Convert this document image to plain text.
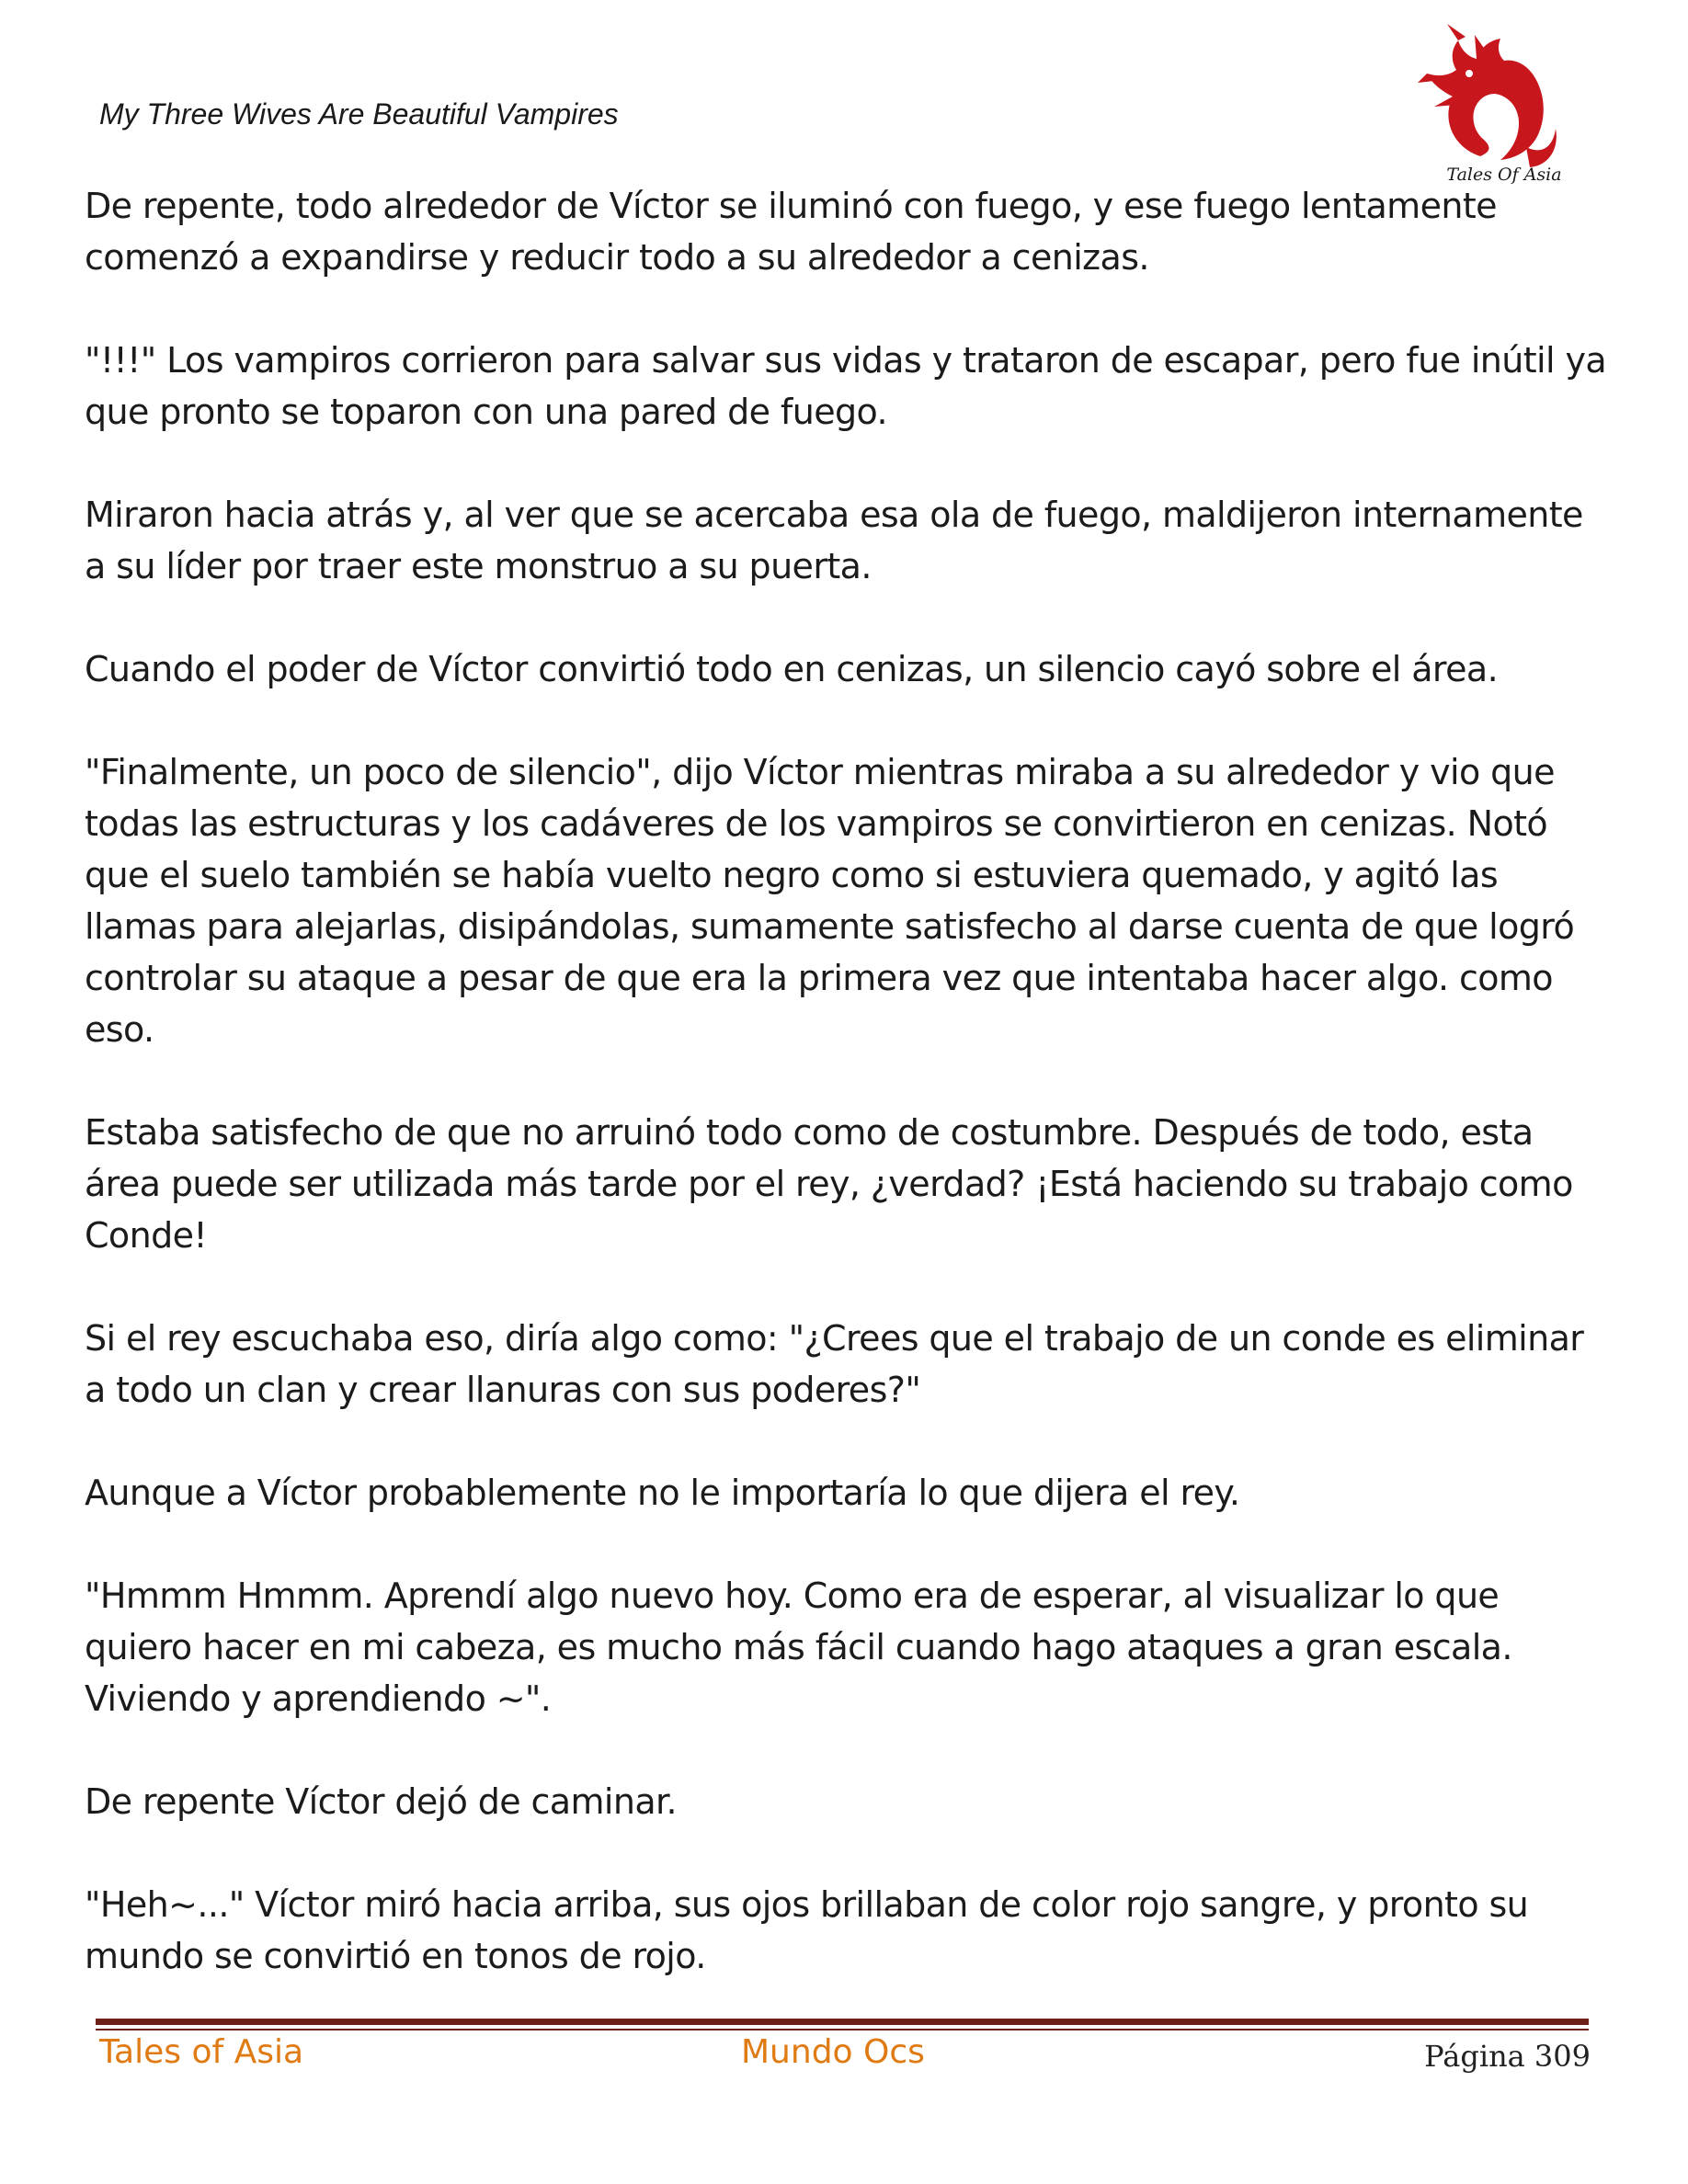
My Three Wives Are Beautiful Vampires
Tales Of Asia

De repente, todo alrededor de Víctor se iluminó con fuego, y ese fuego lentamente comenzó a expandirse y reducir todo a su alrededor a cenizas.

"!!!" Los vampiros corrieron para salvar sus vidas y trataron de escapar, pero fue inútil ya que pronto se toparon con una pared de fuego.

Miraron hacia atrás y, al ver que se acercaba esa ola de fuego, maldijeron internamente a su líder por traer este monstruo a su puerta.

Cuando el poder de Víctor convirtió todo en cenizas, un silencio cayó sobre el área.

"Finalmente, un poco de silencio", dijo Víctor mientras miraba a su alrededor y vio que todas las estructuras y los cadáveres de los vampiros se convirtieron en cenizas. Notó que el suelo también se había vuelto negro como si estuviera quemado, y agitó las llamas para alejarlas, disipándolas, sumamente satisfecho al darse cuenta de que logró controlar su ataque a pesar de que era la primera vez que intentaba hacer algo. como eso.

Estaba satisfecho de que no arruinó todo como de costumbre. Después de todo, esta área puede ser utilizada más tarde por el rey, ¿verdad? ¡Está haciendo su trabajo como Conde!

Si el rey escuchaba eso, diría algo como: "¿Crees que el trabajo de un conde es eliminar a todo un clan y crear llanuras con sus poderes?"

Aunque a Víctor probablemente no le importaría lo que dijera el rey.

"Hmmm Hmmm. Aprendí algo nuevo hoy. Como era de esperar, al visualizar lo que quiero hacer en mi cabeza, es mucho más fácil cuando hago ataques a gran escala. Viviendo y aprendiendo ~".

De repente Víctor dejó de caminar.

"Heh~..." Víctor miró hacia arriba, sus ojos brillaban de color rojo sangre, y pronto su mundo se convirtió en tonos de rojo.

Tales of Asia	Mundo Ocs	Página 309
